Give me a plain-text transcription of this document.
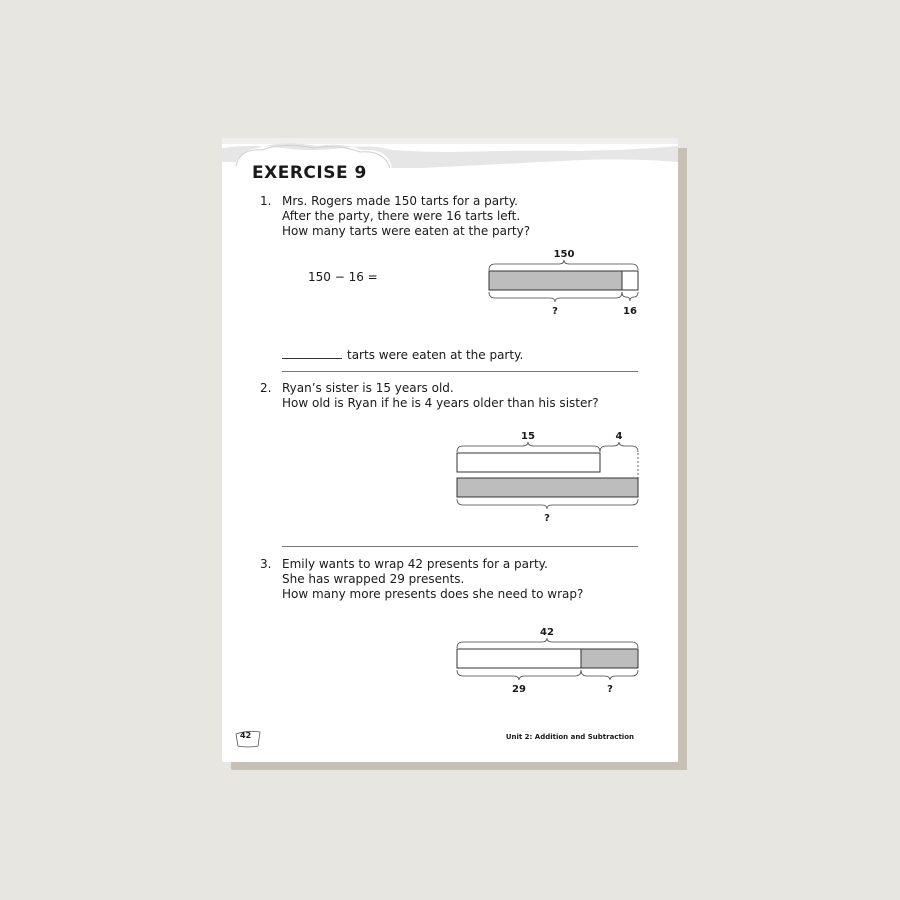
EXERCISE 9
1. Mrs. Rogers made 150 tarts for a party.
After the party, there were 16 tarts left.
How many tarts were eaten at the party?
150 − 16 =
150
?	16
tarts were eaten at the party.
2. Ryan’s sister is 15 years old.
How old is Ryan if he is 4 years older than his sister?
15	4
?
3. Emily wants to wrap 42 presents for a party.
She has wrapped 29 presents.
How many more presents does she need to wrap?
42
29	?
42	Unit 2: Addition and Subtraction
